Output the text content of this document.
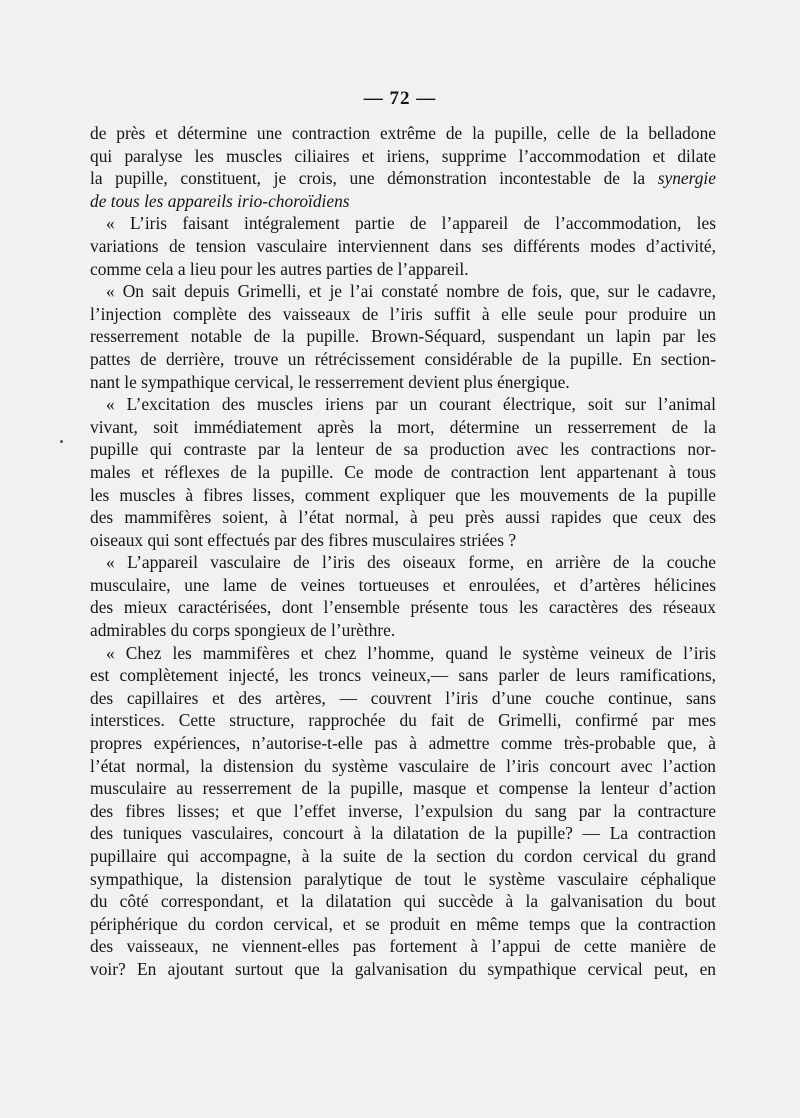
— 72 —
de près et détermine une contraction extrême de la pupille, celle de la belladone
qui paralyse les muscles ciliaires et iriens, supprime l’accommodation et dilate
la pupille, constituent, je crois, une démonstration incontestable de la synergie
de tous les appareils irio-choroïdiens
« L’iris faisant intégralement partie de l’appareil de l’accommodation, les
variations de tension vasculaire interviennent dans ses différents modes d’activité,
comme cela a lieu pour les autres parties de l’appareil.
« On sait depuis Grimelli, et je l’ai constaté nombre de fois, que, sur le cadavre,
l’injection complète des vaisseaux de l’iris suffit à elle seule pour produire un
resserrement notable de la pupille. Brown-Séquard, suspendant un lapin par les
pattes de derrière, trouve un rétrécissement considérable de la pupille. En section-
nant le sympathique cervical, le resserrement devient plus énergique.
« L’excitation des muscles iriens par un courant électrique, soit sur l’animal
vivant, soit immédiatement après la mort, détermine un resserrement de la
pupille qui contraste par la lenteur de sa production avec les contractions nor-
males et réflexes de la pupille. Ce mode de contraction lent appartenant à tous
les muscles à fibres lisses, comment expliquer que les mouvements de la pupille
des mammifères soient, à l’état normal, à peu près aussi rapides que ceux des
oiseaux qui sont effectués par des fibres musculaires striées ?
« L’appareil vasculaire de l’iris des oiseaux forme, en arrière de la couche
musculaire, une lame de veines tortueuses et enroulées, et d’artères hélicines
des mieux caractérisées, dont l’ensemble présente tous les caractères des réseaux
admirables du corps spongieux de l’urèthre.
« Chez les mammifères et chez l’homme, quand le système veineux de l’iris
est complètement injecté, les troncs veineux,— sans parler de leurs ramifications,
des capillaires et des artères, — couvrent l’iris d’une couche continue, sans
interstices. Cette structure, rapprochée du fait de Grimelli, confirmé par mes
propres expériences, n’autorise-t-elle pas à admettre comme très-probable que, à
l’état normal, la distension du système vasculaire de l’iris concourt avec l’action
musculaire au resserrement de la pupille, masque et compense la lenteur d’action
des fibres lisses; et que l’effet inverse, l’expulsion du sang par la contracture
des tuniques vasculaires, concourt à la dilatation de la pupille? — La contraction
pupillaire qui accompagne, à la suite de la section du cordon cervical du grand
sympathique, la distension paralytique de tout le système vasculaire céphalique
du côté correspondant, et la dilatation qui succède à la galvanisation du bout
périphérique du cordon cervical, et se produit en même temps que la contraction
des vaisseaux, ne viennent-elles pas fortement à l’appui de cette manière de
voir? En ajoutant surtout que la galvanisation du sympathique cervical peut, en
